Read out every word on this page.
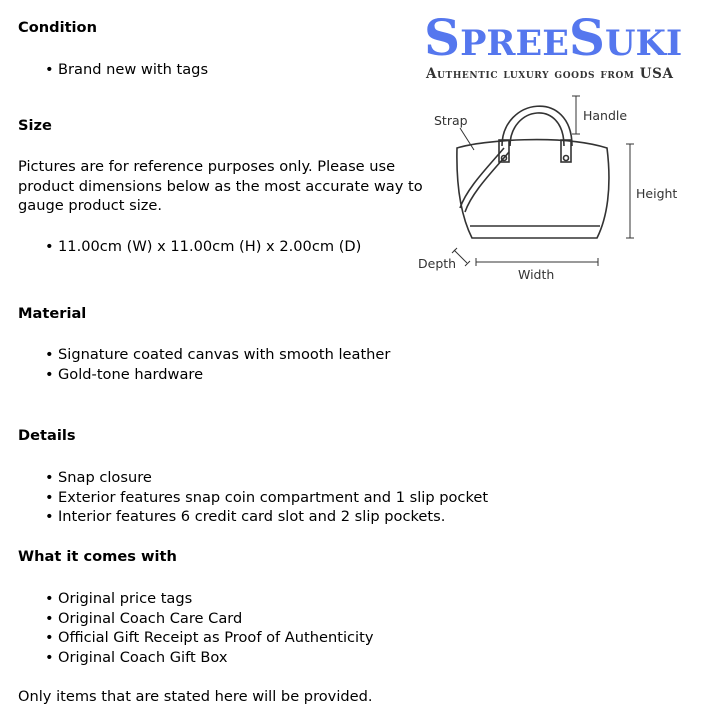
SpreeSuki
Authentic luxury goods from USA
Strap	Handle
Height
Depth
Width
Condition
• Brand new with tags
Size
Pictures are for reference purposes only. Please use product dimensions below as the most accurate way to gauge product size.
• 11.00cm (W) x 11.00cm (H) x 2.00cm (D)
Material
• Signature coated canvas with smooth leather
• Gold-tone hardware
Details
• Snap closure
• Exterior features snap coin compartment and 1 slip pocket
• Interior features 6 credit card slot and 2 slip pockets.
What it comes with
• Original price tags
• Original Coach Care Card
• Official Gift Receipt as Proof of Authenticity
• Original Coach Gift Box
Only items that are stated here will be provided.
